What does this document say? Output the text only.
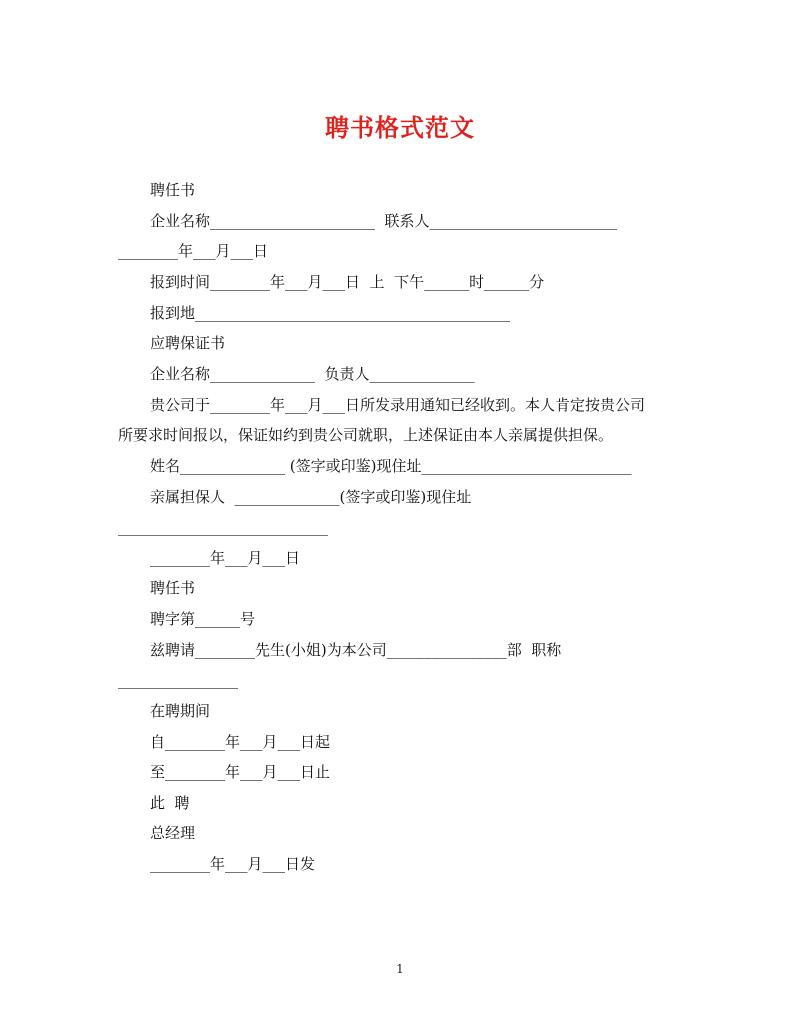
聘书格式范文
聘任书
企业名称______________________  联系人_________________________
________年___月___日
报到时间________年___月___日  上  下午______时______分
报到地__________________________________________
应聘保证书
企业名称______________  负责人______________
贵公司于________年___月___日所发录用通知已经收到。本人肯定按贵公司
所要求时间报以，保证如约到贵公司就职，上述保证由本人亲属提供担保。
姓名______________ (签字或印鉴)现住址____________________________
亲属担保人  ______________(签字或印鉴)现住址
____________________________
________年___月___日
聘任书
聘字第______号
兹聘请________先生(小姐)为本公司________________部  职称
________________
在聘期间
自________年___月___日起
至________年___月___日止
此  聘
总经理
________年___月___日发
1
